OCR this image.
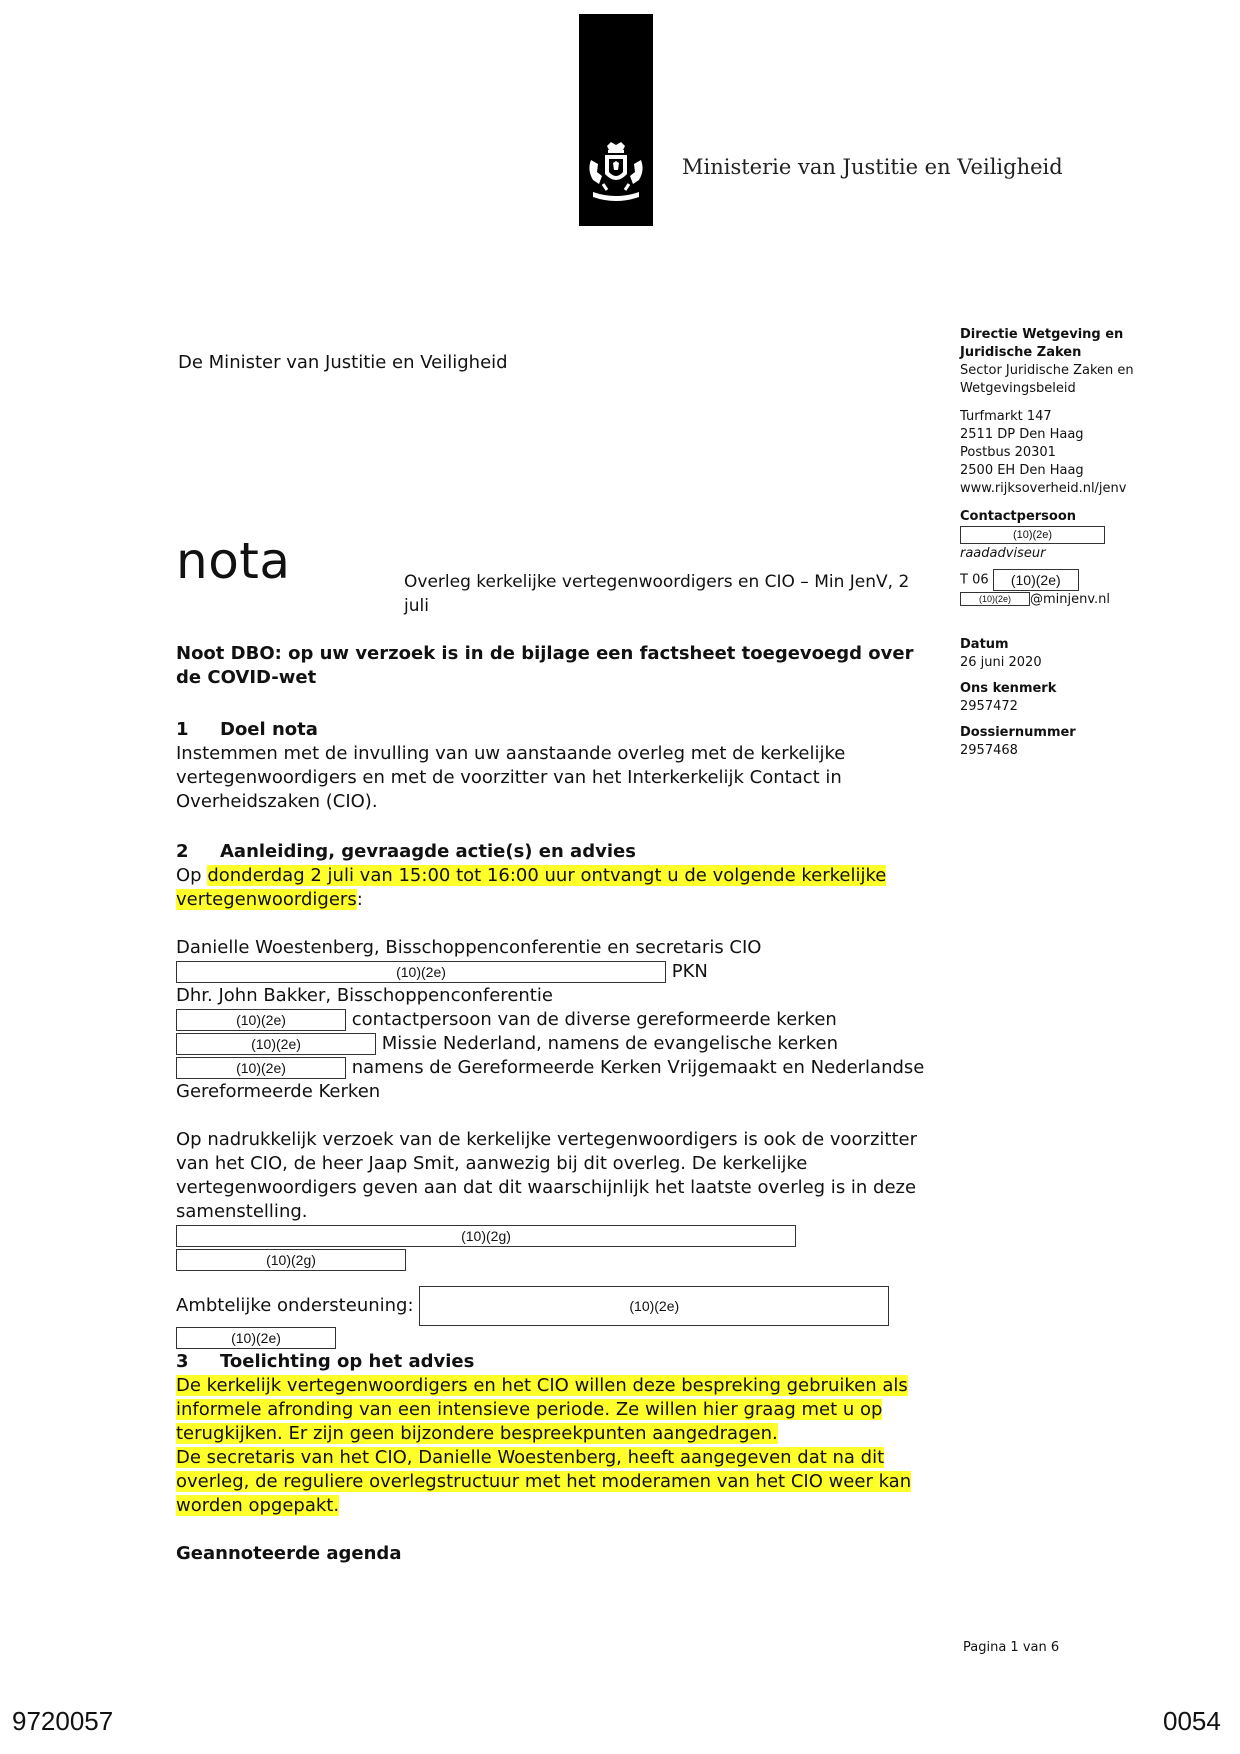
Ministerie van Justitie en Veiligheid
De Minister van Justitie en Veiligheid
nota	Overleg kerkelijke vertegenwoordigers en CIO – Min JenV, 2 juli
Directie Wetgeving en
Juridische Zaken
Sector Juridische Zaken en
Wetgevingsbeleid
Turfmarkt 147
2511 DP Den Haag
Postbus 20301
2500 EH Den Haag
www.rijksoverheid.nl/jenv
Contactpersoon
(10)(2e)
raadadviseur
T 06 (10)(2e)
(10)(2e) @minjenv.nl
Datum
26 juni 2020
Ons kenmerk
2957472
Dossiernummer
2957468
Noot DBO: op uw verzoek is in de bijlage een factsheet toegevoegd over de COVID-wet

1 Doel nota

Instemmen met de invulling van uw aanstaande overleg met de kerkelijke vertegenwoordigers en met de voorzitter van het Interkerkelijk Contact in Overheidszaken (CIO).

2 Aanleiding, gevraagde actie(s) en advies

Op donderdag 2 juli van 15:00 tot 16:00 uur ontvangt u de volgende kerkelijke vertegenwoordigers:

Danielle Woestenberg, Bisschoppenconferentie en secretaris CIO

(10)(2e)	PKN

Dhr. John Bakker, Bisschoppenconferentie

(10)(2e)	contactpersoon van de diverse gereformeerde kerken

(10)(2e)	Missie Nederland, namens de evangelische kerken

(10)(2e)	namens de Gereformeerde Kerken Vrijgemaakt en Nederlandse Gereformeerde Kerken

Op nadrukkelijk verzoek van de kerkelijke vertegenwoordigers is ook de voorzitter van het CIO, de heer Jaap Smit, aanwezig bij dit overleg. De kerkelijke vertegenwoordigers geven aan dat dit waarschijnlijk het laatste overleg is in deze samenstelling.

(10)(2g)

(10)(2g)

Ambtelijke ondersteuning:	(10)(2e)

(10)(2e)

3 Toelichting op het advies

De kerkelijk vertegenwoordigers en het CIO willen deze bespreking gebruiken als informele afronding van een intensieve periode. Ze willen hier graag met u op terugkijken. Er zijn geen bijzondere bespreekpunten aangedragen.

De secretaris van het CIO, Danielle Woestenberg, heeft aangegeven dat na dit overleg, de reguliere overlegstructuur met het moderamen van het CIO weer kan worden opgepakt.

Geannoteerde agenda

Pagina 1 van 6
9720057	0054
